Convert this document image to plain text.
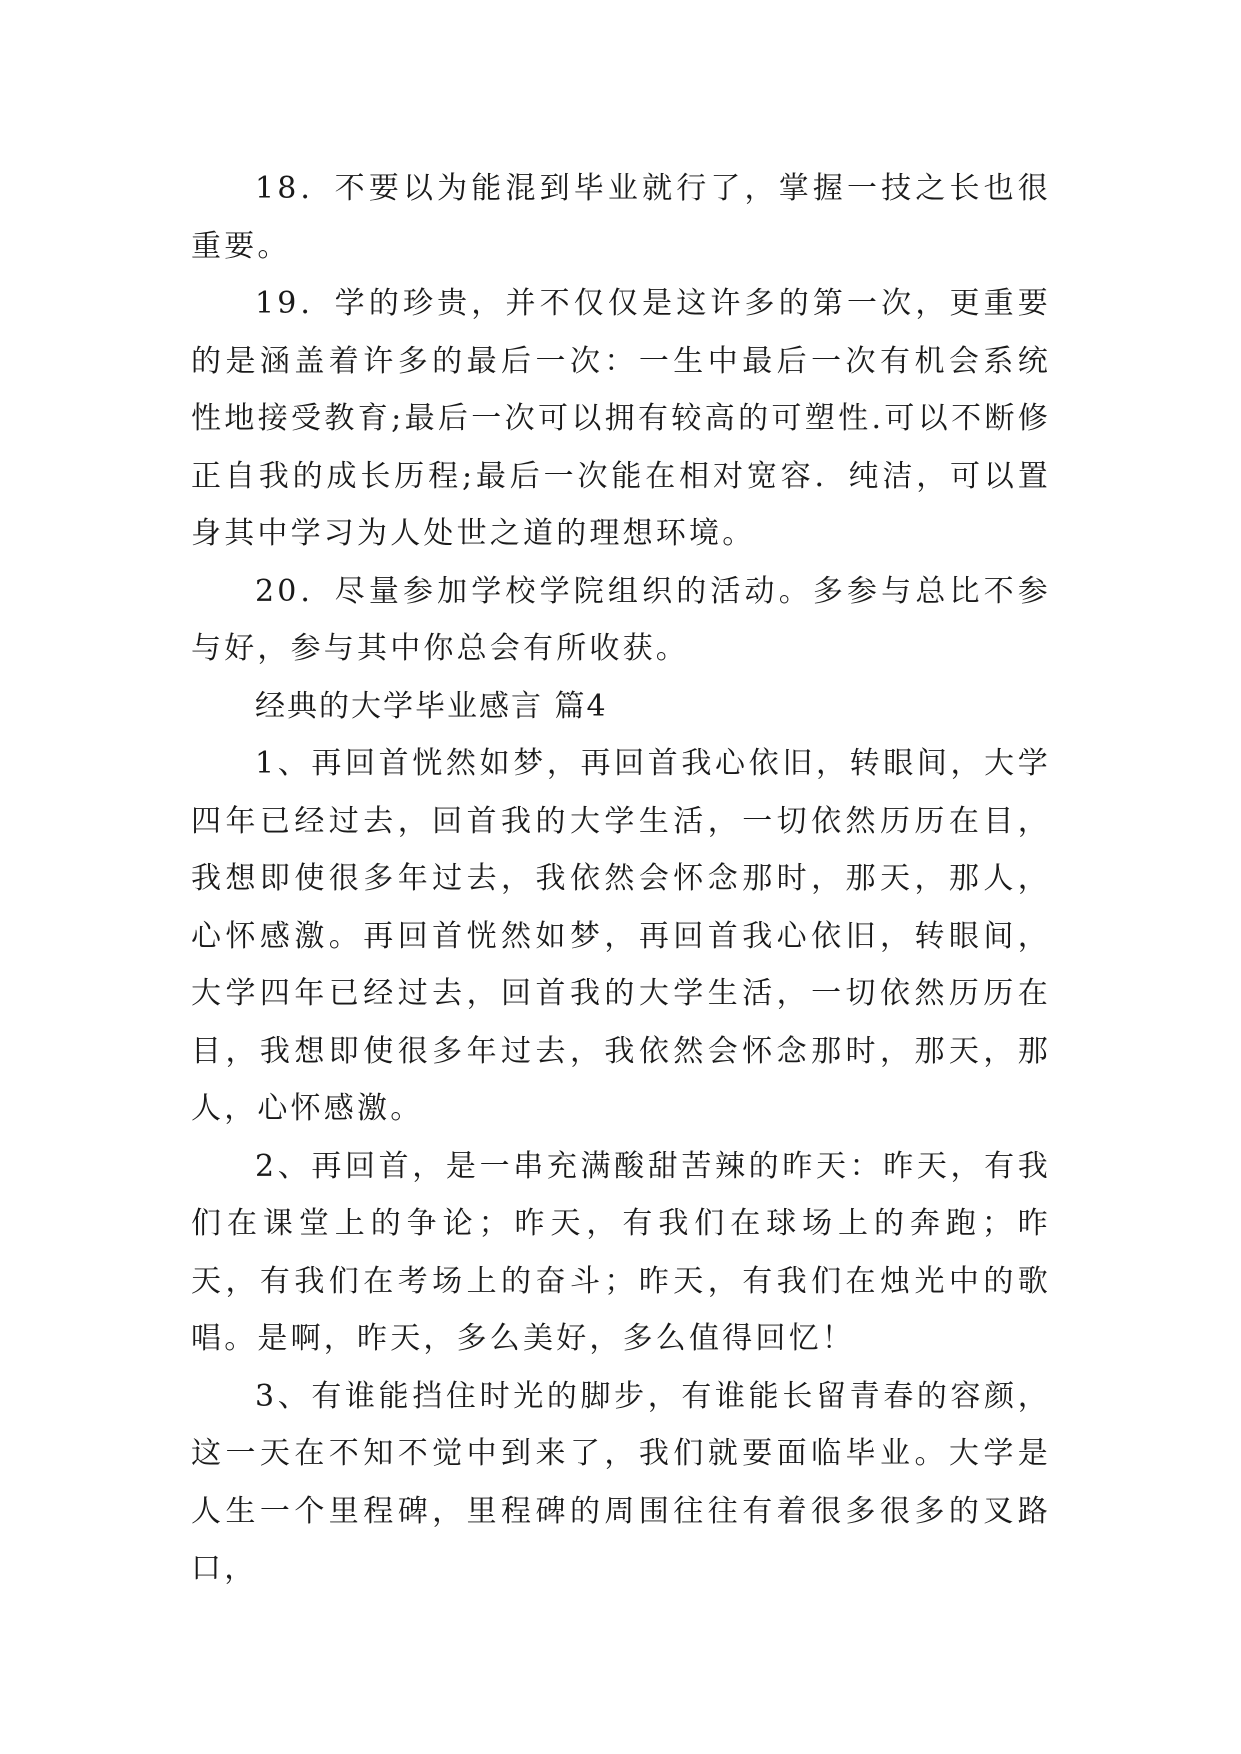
18．不要以为能混到毕业就行了，掌握一技之长也很重要。

19．学的珍贵，并不仅仅是这许多的第一次，更重要的是涵盖着许多的最后一次：一生中最后一次有机会系统性地接受教育;最后一次可以拥有较高的可塑性.可以不断修正自我的成长历程;最后一次能在相对宽容．纯洁，可以置身其中学习为人处世之道的理想环境。

20．尽量参加学校学院组织的活动。多参与总比不参与好，参与其中你总会有所收获。

经典的大学毕业感言 篇4

1、再回首恍然如梦，再回首我心依旧，转眼间，大学四年已经过去，回首我的大学生活，一切依然历历在目，我想即使很多年过去，我依然会怀念那时，那天，那人，心怀感激。再回首恍然如梦，再回首我心依旧，转眼间，大学四年已经过去，回首我的大学生活，一切依然历历在目，我想即使很多年过去，我依然会怀念那时，那天，那人，心怀感激。

2、再回首，是一串充满酸甜苦辣的昨天：昨天，有我们在课堂上的争论；昨天，有我们在球场上的奔跑；昨天，有我们在考场上的奋斗；昨天，有我们在烛光中的歌唱。是啊，昨天，多么美好，多么值得回忆！

3、有谁能挡住时光的脚步，有谁能长留青春的容颜，这一天在不知不觉中到来了，我们就要面临毕业。大学是人生一个里程碑，里程碑的周围往往有着很多很多的叉路口，
